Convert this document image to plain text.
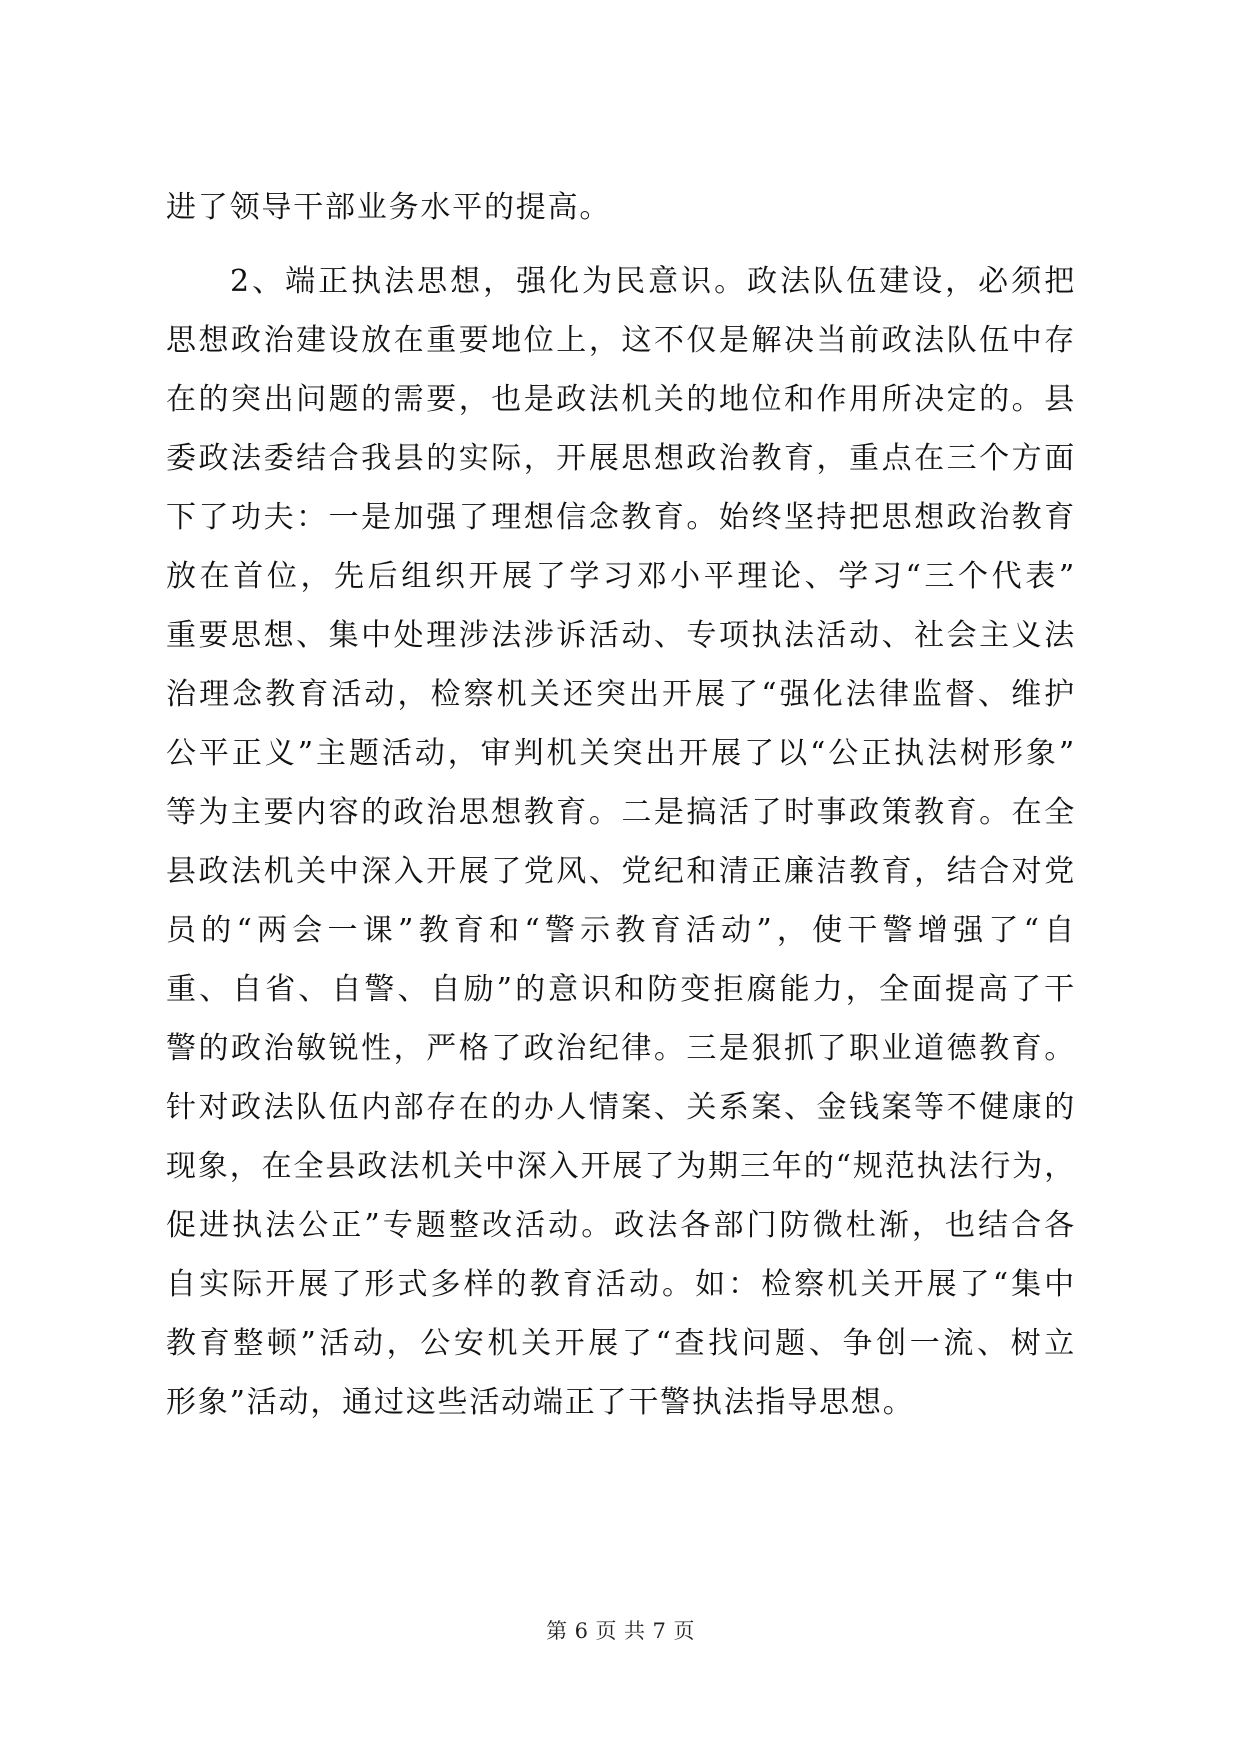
进了领导干部业务水平的提高。
2、端正执法思想，强化为民意识。政法队伍建设，必须把
思想政治建设放在重要地位上，这不仅是解决当前政法队伍中存
在的突出问题的需要，也是政法机关的地位和作用所决定的。县
委政法委结合我县的实际，开展思想政治教育，重点在三个方面
下了功夫：一是加强了理想信念教育。始终坚持把思想政治教育
放在首位，先后组织开展了学习邓小平理论、学习“三个代表”
重要思想、集中处理涉法涉诉活动、专项执法活动、社会主义法
治理念教育活动，检察机关还突出开展了“强化法律监督、维护
公平正义”主题活动，审判机关突出开展了以“公正执法树形象”
等为主要内容的政治思想教育。二是搞活了时事政策教育。在全
县政法机关中深入开展了党风、党纪和清正廉洁教育，结合对党
员的“两会一课”教育和“警示教育活动”，使干警增强了“自
重、自省、自警、自励”的意识和防变拒腐能力，全面提高了干
警的政治敏锐性，严格了政治纪律。三是狠抓了职业道德教育。
针对政法队伍内部存在的办人情案、关系案、金钱案等不健康的
现象，在全县政法机关中深入开展了为期三年的“规范执法行为，
促进执法公正”专题整改活动。政法各部门防微杜渐，也结合各
自实际开展了形式多样的教育活动。如：检察机关开展了“集中
教育整顿”活动，公安机关开展了“查找问题、争创一流、树立
形象”活动，通过这些活动端正了干警执法指导思想。
第 6 页 共 7 页
